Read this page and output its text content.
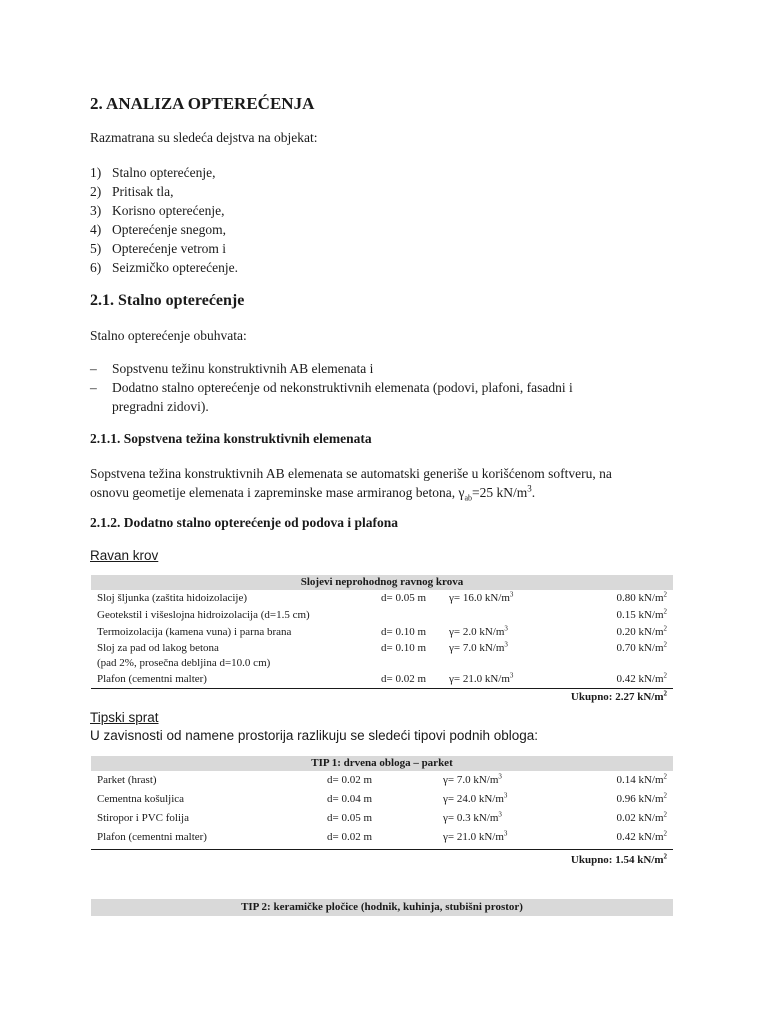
2. ANALIZA OPTEREĆENJA
Razmatrana su sledeća dejstva na objekat:
1) Stalno opterećenje,
2) Pritisak tla,
3) Korisno opterećenje,
4) Opterećenje snegom,
5) Opterećenje vetrom i
6) Seizmičko opterećenje.
2.1. Stalno opterećenje
Stalno opterećenje obuhvata:
–	Sopstvenu težinu konstruktivnih AB elemenata i
–	Dodatno stalno opterećenje od nekonstruktivnih elemenata (podovi, plafoni, fasadni i
pregradni zidovi).
2.1.1. Sopstvena težina konstruktivnih elemenata
Sopstvena težina konstruktivnih AB elemenata se automatski generiše u korišćenom softveru, na
osnovu geometije elemenata i zapreminske mase armiranog betona, $\gamma_{ab}=25$ $kN/m^3$.
2.1.2. Dodatno stalno opterećenje od podova i plafona
Ravan krov
Slojevi neprohodnog ravnog krova
Sloj šljunka (zaštita hidoizolacije)	d= 0.05 m γ= 16.0 $kN/m^3$	0.80 $kN/m^2$
Geotekstil i višeslojna hidroizolacija (d=1.5 cm)	0.15 $kN/m^2$
Termoizolacija (kamena vuna) i parna brana	d= 0.10 m γ= 2.0 $kN/m^3$	0.20 $kN/m^2$
Sloj za pad od lakog betona	d= 0.10 m γ= 7.0 $kN/m^3$	0.70 $kN/m^2$
(pad 2%, prosečna debljina d=10.0 cm)
Plafon (cementni malter)	d= 0.02 m γ= 21.0 $kN/m^3$	0.42 $kN/m^2$
Ukupno: 2.27 $kN/m^2$
Tipski sprat
U zavisnosti od namene prostorija razlikuju se sledeći tipovi podnih obloga:
TIP 1: drvena obloga – parket
Parket (hrast)	d= 0.02 m	γ= 7.0 $kN/m^3$	0.14 $kN/m^2$
Cementna košuljica	d= 0.04 m	γ= 24.0 $kN/m^3$	0.96 $kN/m^2$
Stiropor i PVC folija	d= 0.05 m	γ= 0.3 $kN/m^3$	0.02 $kN/m^2$
Plafon (cementni malter)	d= 0.02 m	γ= 21.0 $kN/m^3$	0.42 $kN/m^2$
Ukupno: 1.54 $kN/m^2$
TIP 2: keramičke pločice (hodnik, kuhinja, stubišni prostor)
